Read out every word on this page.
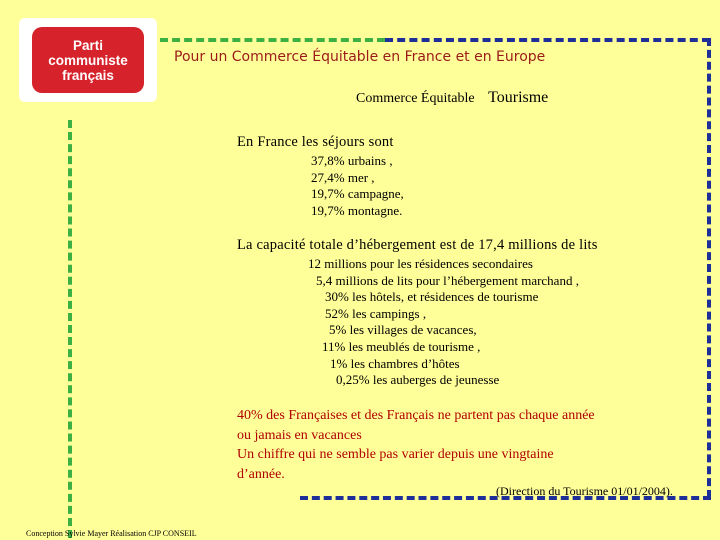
Parti
communiste
français
Pour un Commerce Équitable en France et en Europe
Commerce Équitable Tourisme
En France les séjours sont
37,8% urbains ,
27,4% mer ,
19,7% campagne,
19,7% montagne.
La capacité totale d’hébergement est de 17,4 millions de lits
12 millions pour les résidences secondaires
5,4 millions de lits pour l’hébergement marchand ,
30% les hôtels, et résidences de tourisme
52% les campings ,
5% les villages de vacances,
11% les meublés de tourisme ,
1% les chambres d’hôtes
0,25% les auberges de jeunesse
40% des Françaises et des Français ne partent pas chaque année
ou jamais en vacances
Un chiffre qui ne semble pas varier depuis une vingtaine
d’année.
(Direction du Tourisme 01/01/2004).
Conception Sylvie Mayer Réalisation CJP CONSEIL
